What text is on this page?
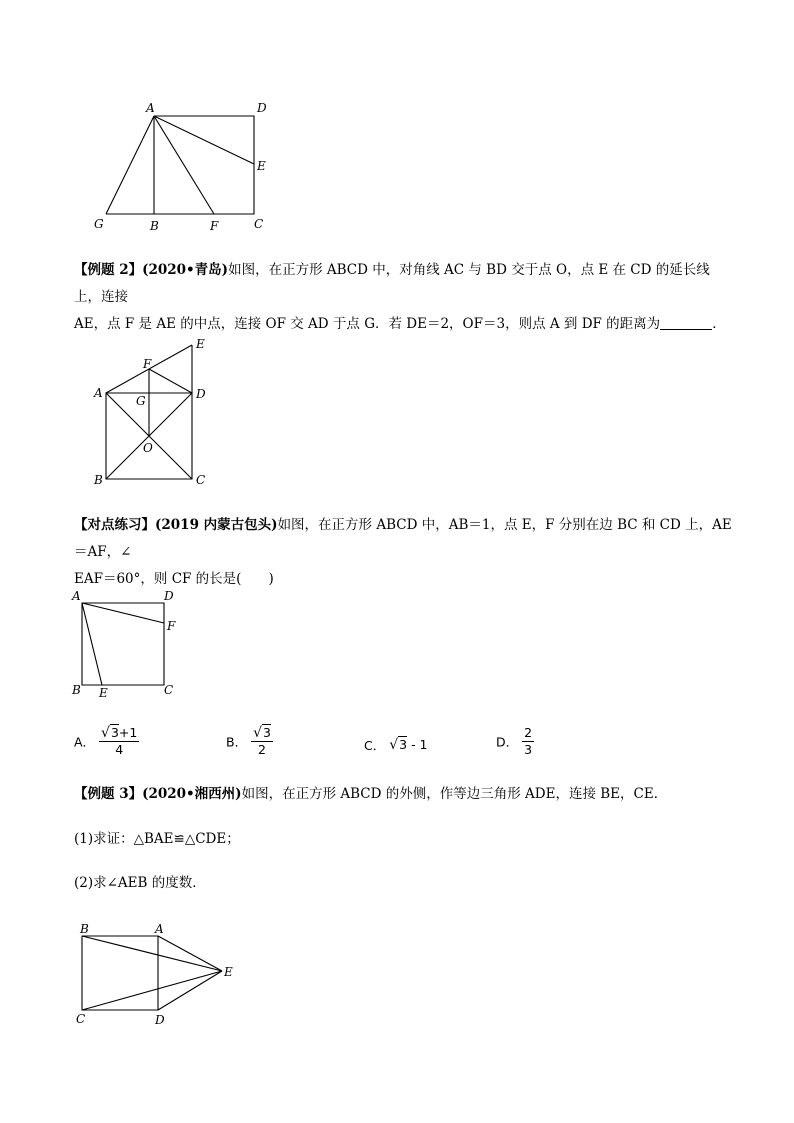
A	D
E
G	B	F	C
【例题 2】(2020•青岛)如图，在正方形 ABCD 中，对角线 AC 与 BD 交于点 O，点 E 在 CD 的延长线上，连接
AE，点 F 是 AE 的中点，连接 OF 交 AD 于点 G．若 DE＝2，OF＝3，则点 A 到 DF 的距离为	．
F
E
A	D
G
O
B	C
【对点练习】(2019 内蒙古包头)如图，在正方形 ABCD 中，AB＝1，点 E，F 分别在边 BC 和 CD 上，AE＝AF，∠
EAF＝60°，则 CF 的长是(　　)
A	D
F
B E	C
A． $\frac{√3+1}{4}$	B． $\frac{√3}{2}$	C． √3 - 1	D． $\frac{2}{3}$
【例题 3】(2020•湘西州)如图，在正方形 ABCD 的外侧，作等边三角形 ADE，连接 BE，CE．
(1)求证：△BAE≌△CDE；
(2)求∠AEB 的度数．
B	A
E
C	D
